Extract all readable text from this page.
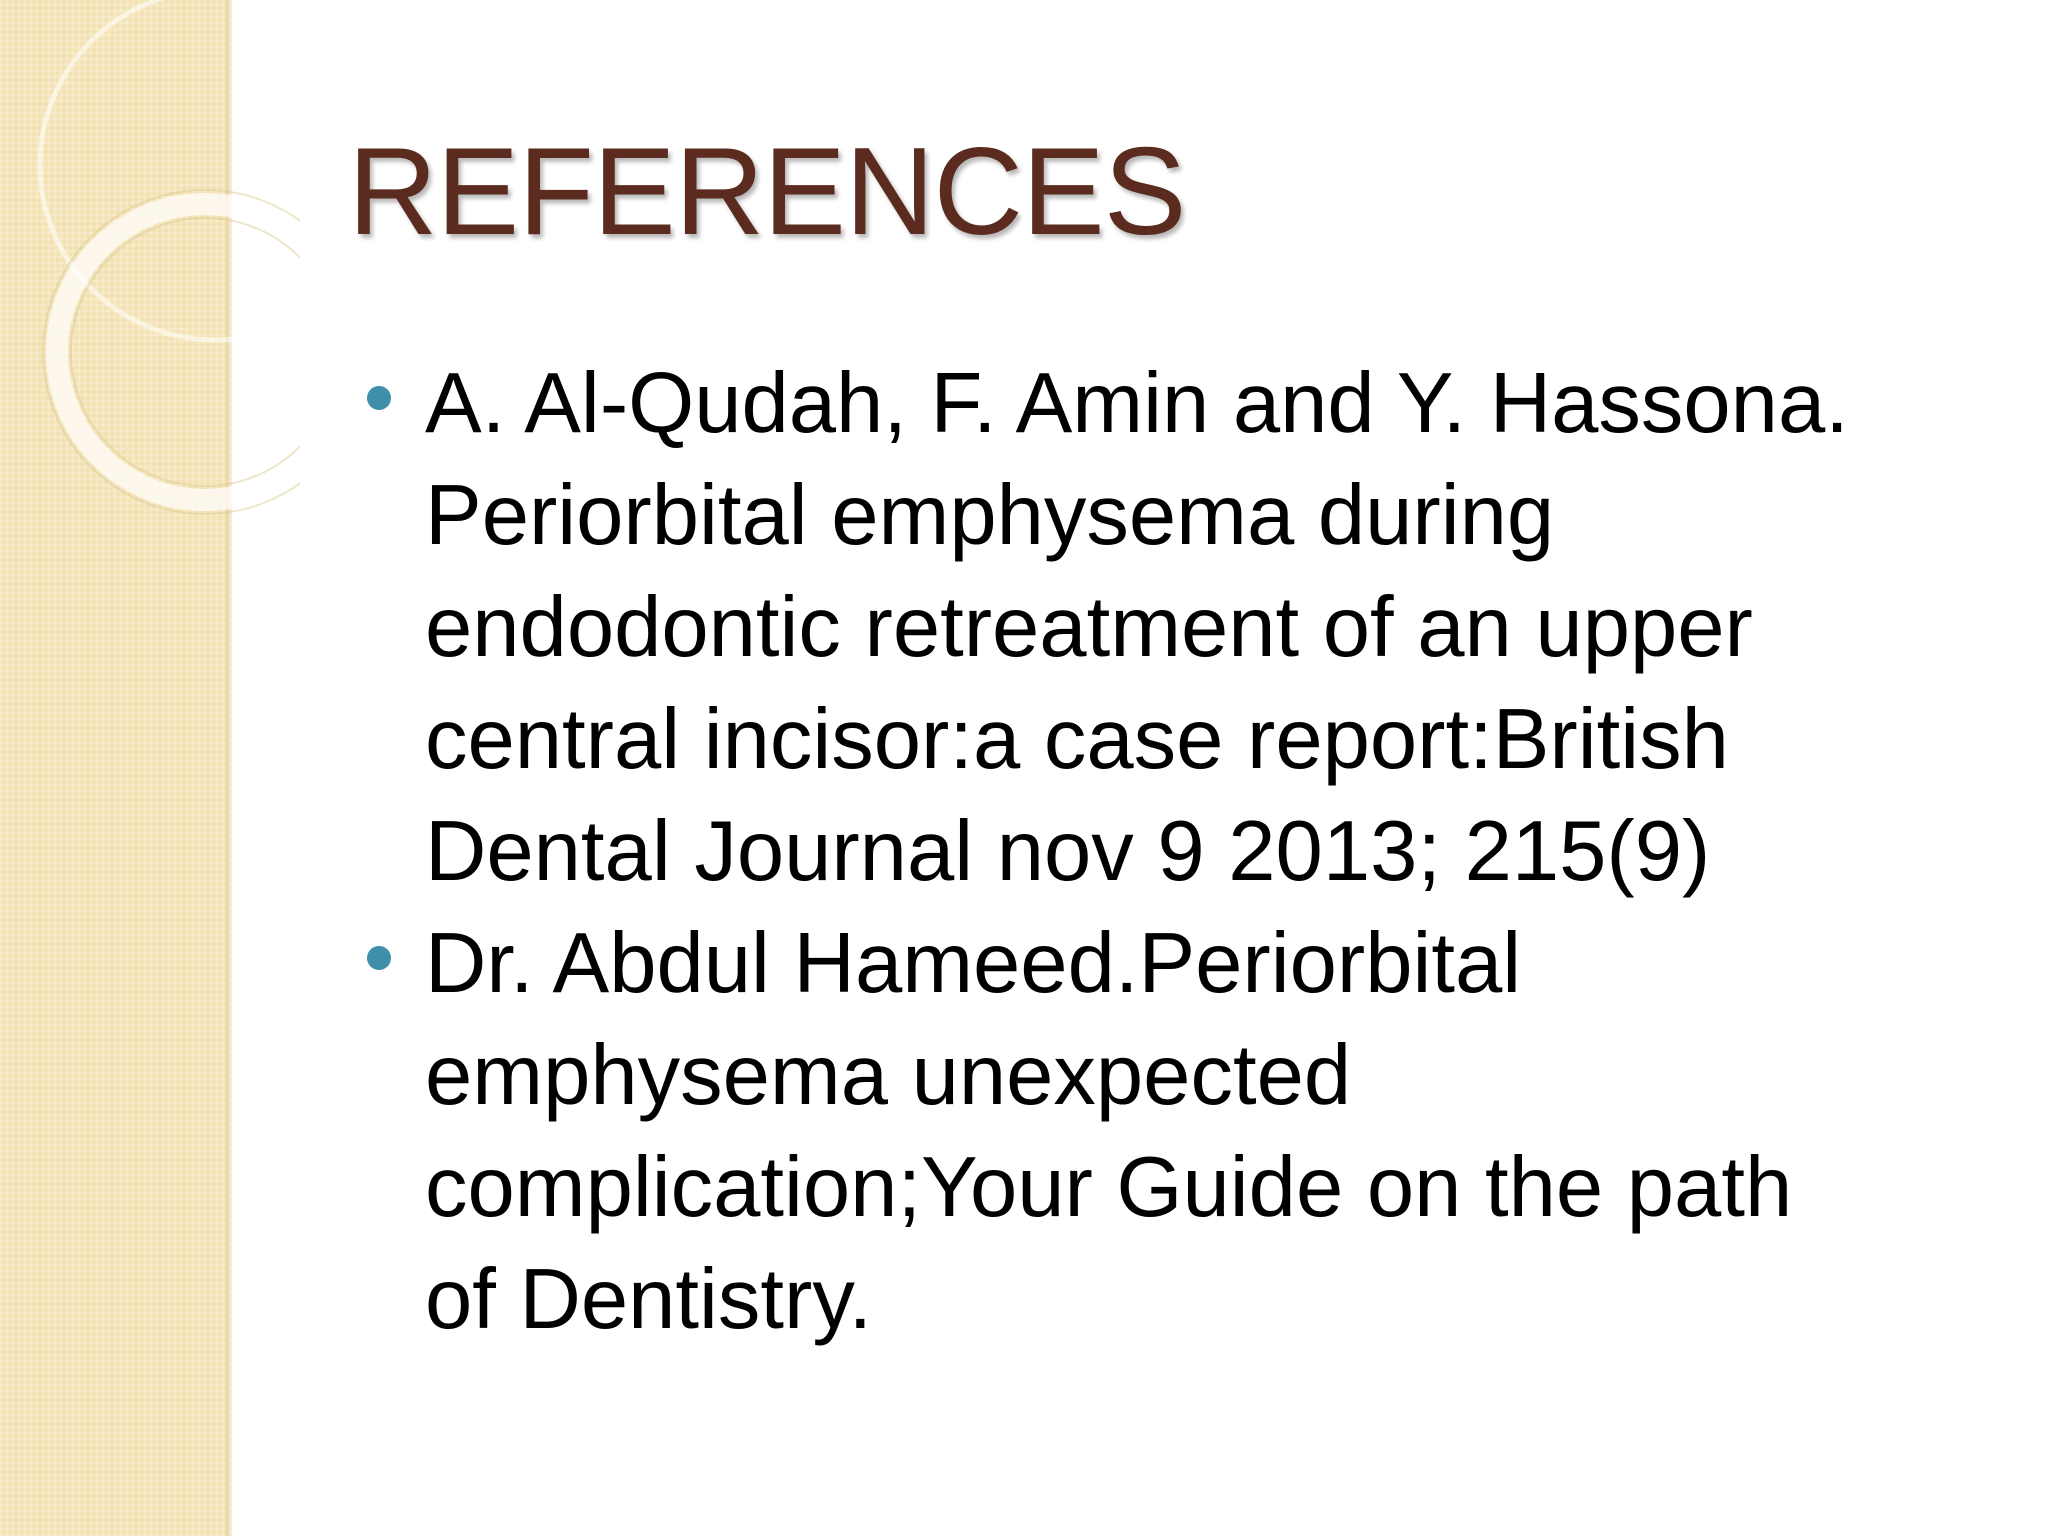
REFERENCES
A. Al-Qudah, F. Amin and Y. Hassona.
Periorbital emphysema during
endodontic retreatment of an upper
central incisor:a case report:British
Dental Journal nov 9 2013; 215(9)
Dr. Abdul Hameed.Periorbital
emphysema unexpected
complication;Your Guide on the path
of Dentistry.
